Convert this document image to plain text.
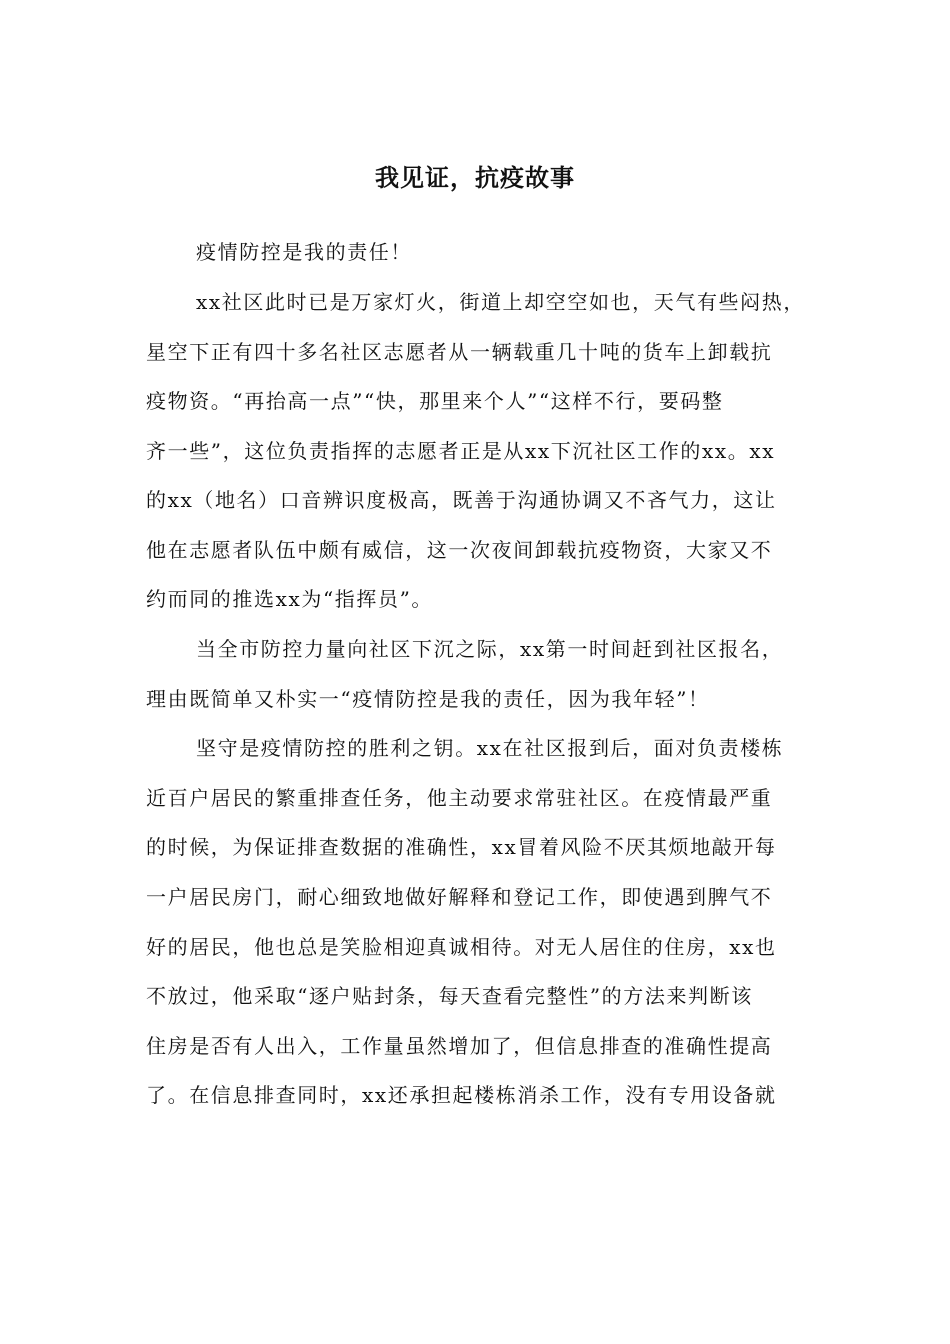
我见证，抗疫故事

疫情防控是我的责任！

xx社区此时已是万家灯火，街道上却空空如也，天气有些闷热，

星空下正有四十多名社区志愿者从一辆载重几十吨的货车上卸载抗

疫物资。“再抬高一点”“快，那里来个人”“这样不行，要码整

齐一些”，这位负责指挥的志愿者正是从xx下沉社区工作的xx。xx

的xx（地名）口音辨识度极高，既善于沟通协调又不吝气力，这让

他在志愿者队伍中颇有威信，这一次夜间卸载抗疫物资，大家又不

约而同的推选xx为“指挥员”。

当全市防控力量向社区下沉之际，xx第一时间赶到社区报名，

理由既简单又朴实一“疫情防控是我的责任，因为我年轻”！

坚守是疫情防控的胜利之钥。xx在社区报到后，面对负责楼栋

近百户居民的繁重排查任务，他主动要求常驻社区。在疫情最严重

的时候，为保证排查数据的准确性，xx冒着风险不厌其烦地敲开每

一户居民房门，耐心细致地做好解释和登记工作，即使遇到脾气不

好的居民，他也总是笑脸相迎真诚相待。对无人居住的住房，xx也

不放过，他采取“逐户贴封条，每天查看完整性”的方法来判断该

住房是否有人出入，工作量虽然增加了，但信息排查的准确性提高

了。在信息排查同时，xx还承担起楼栋消杀工作，没有专用设备就
